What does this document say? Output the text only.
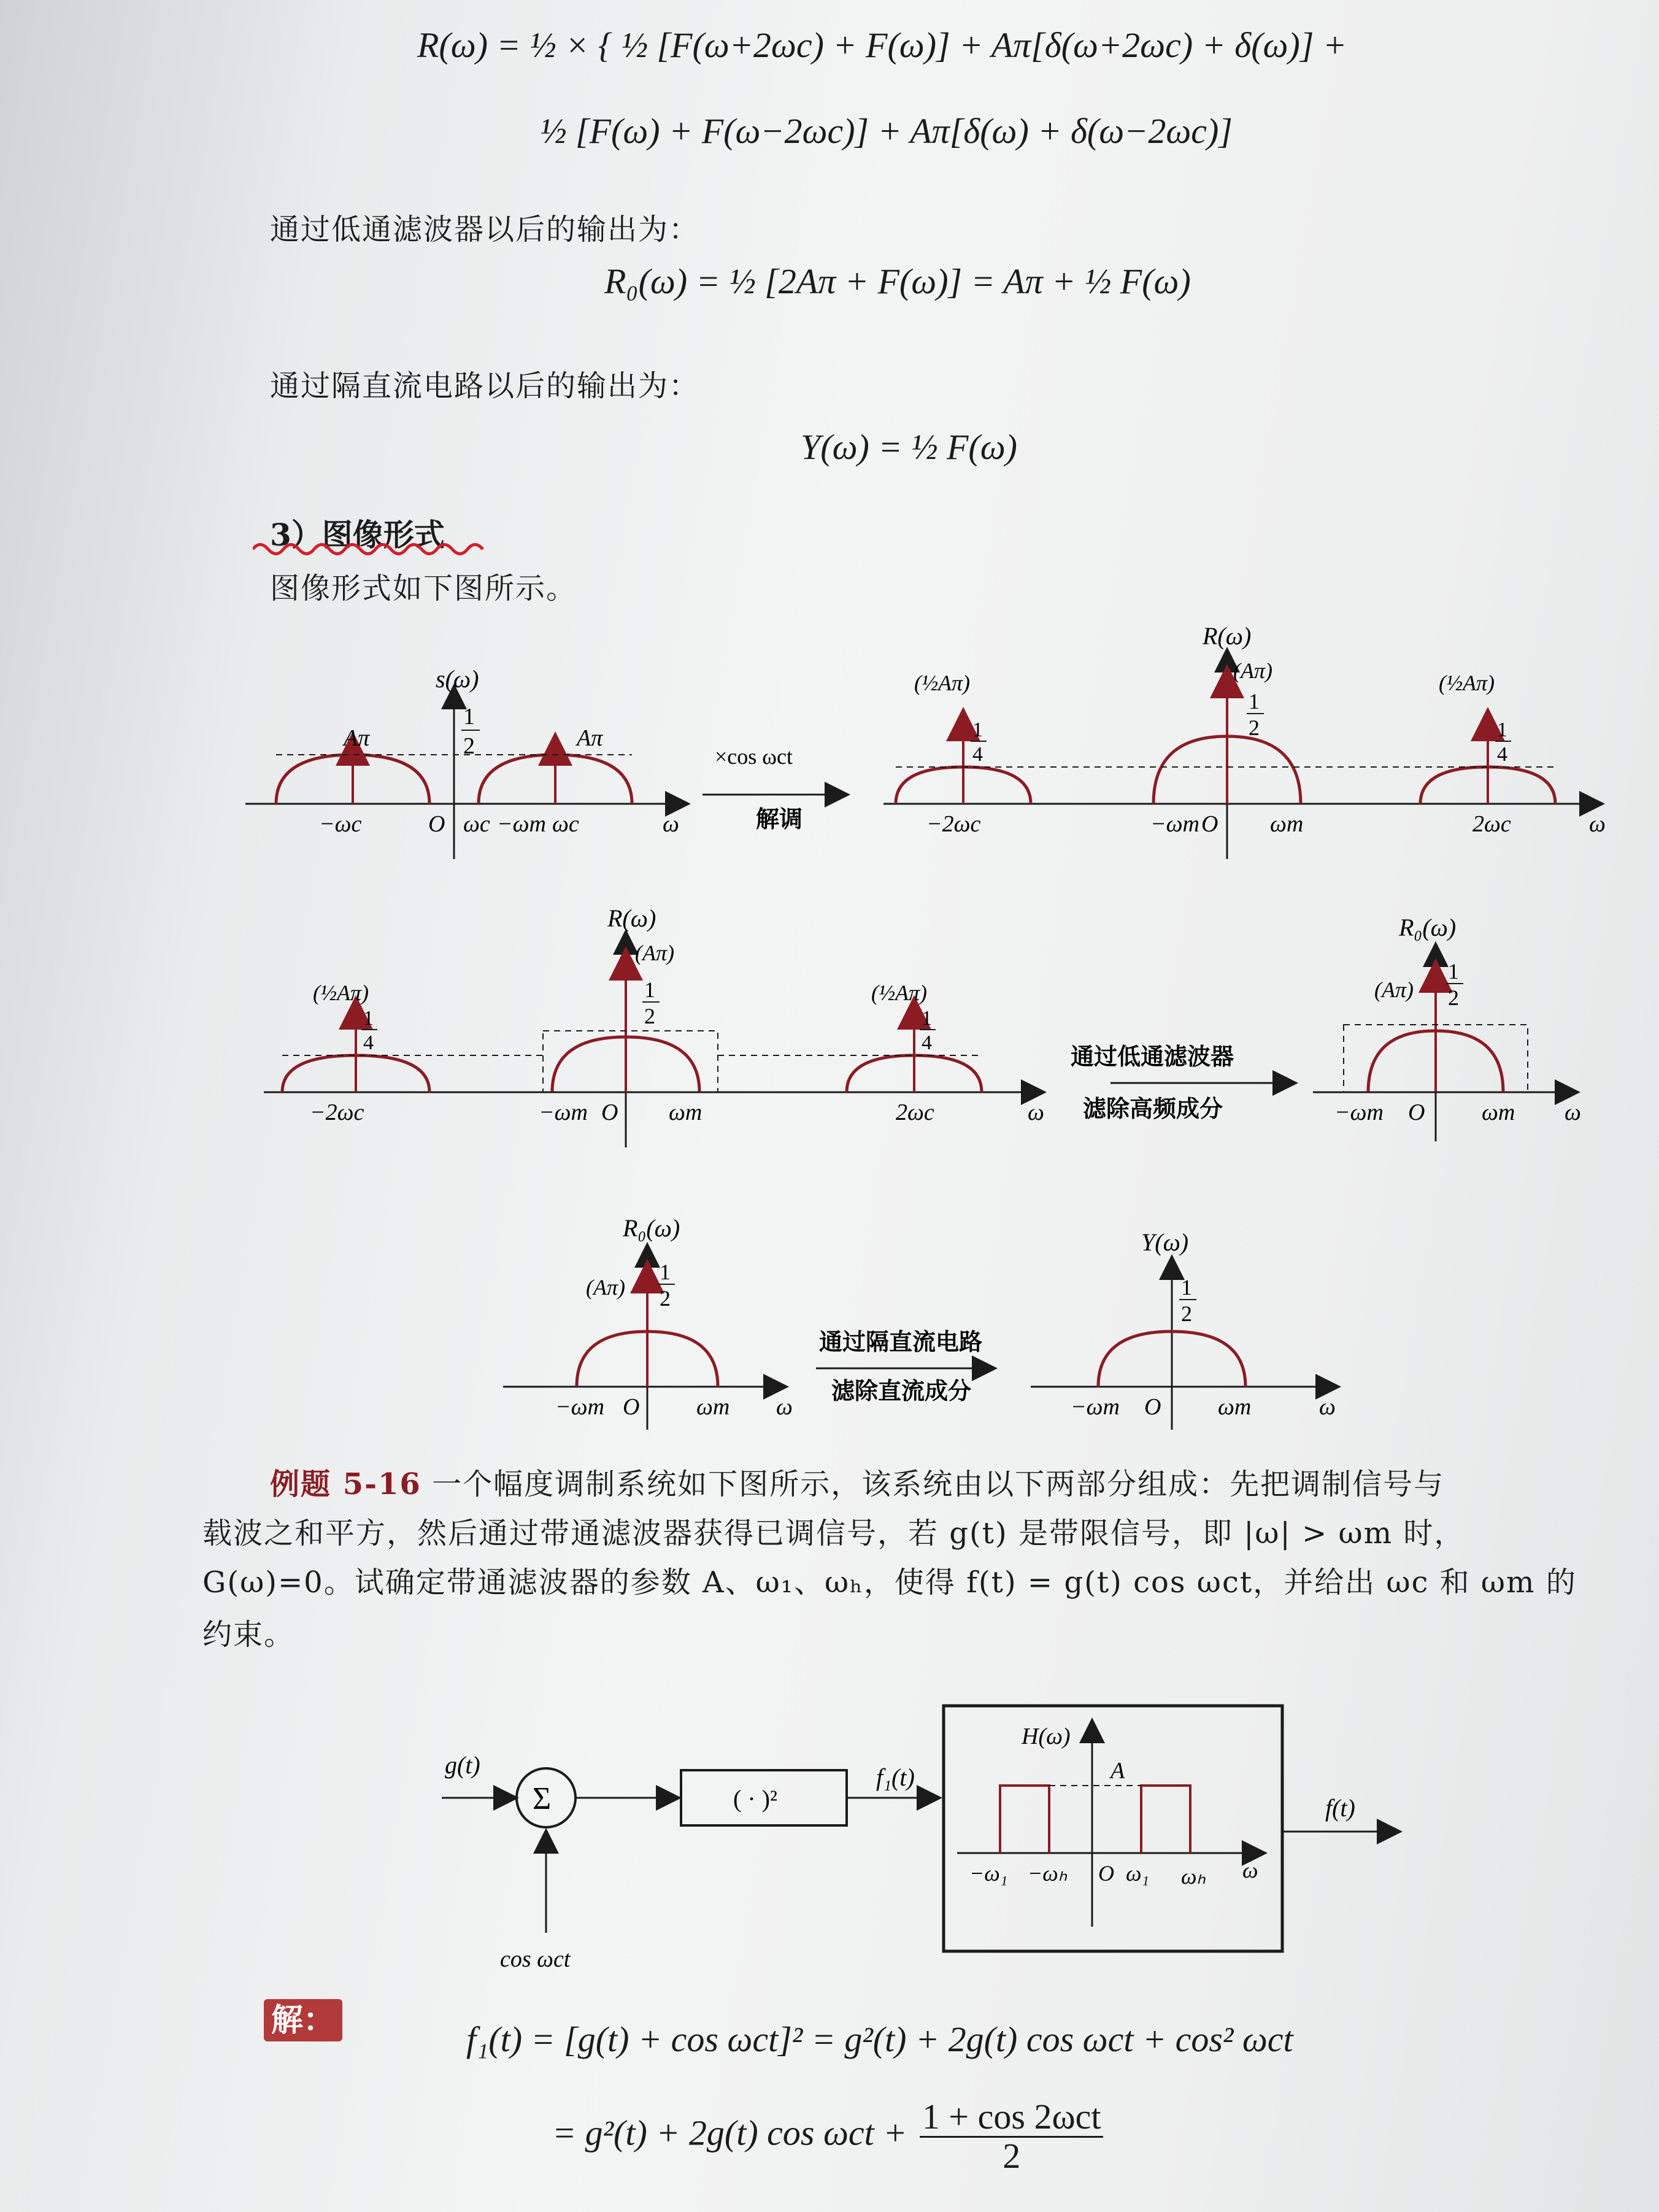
R(ω) = ½ × { ½ [F(ω+2ωc) + F(ω)] + Aπ[δ(ω+2ωc) + δ(ω)] +
½ [F(ω) + F(ω−2ωc)] + Aπ[δ(ω) + δ(ω−2ωc)]
通过低通滤波器以后的输出为：
R₀(ω) = ½ [2Aπ + F(ω)] = Aπ + ½ F(ω)
通过隔直流电路以后的输出为：
Y(ω) = ½ F(ω)
3）图像形式
图像形式如下图所示。
s(ω)
Aπ	Aπ
1
2
−ωc	O ωc −ωm ωc	ω
×cos ωct
解调
R(ω)
(½Aπ)	(½Aπ)
(Aπ)
1
2
1
4
1
4
−2ωc	−ωm O ωm	2ωc	ω
R(ω)
(½Aπ)	(½Aπ)
(Aπ)
1
2
1
4
1
4
−2ωc	−ωm O ωm	2ωc	ω
通过低通滤波器
滤除高频成分
R₀(ω)
(Aπ)
1
2
−ωm O ωm ω
R₀(ω)
(Aπ)
1
2
−ωm O ωm ω
通过隔直流电路
滤除直流成分
Y(ω)
1
2
−ωm O ωm	ω
例题 5-16 一个幅度调制系统如下图所示，该系统由以下两部分组成：先把调制信号与
载波之和平方，然后通过带通滤波器获得已调信号，若 g(t) 是带限信号，即 |ω| > ωm 时，
G(ω)=0。试确定带通滤波器的参数 A、ω₁、ωₕ，使得 f(t) = g(t) cos ωct，并给出 ωc 和 ωm 的
约束。
g(t)
Σ
cos ωct
( · )²
f₁(t)
H(ω)
A
−ω₁ −ωₕ O ω₁ ωₕ ω
f(t)
解：	f₁(t) = [g(t) + cos ωct]² = g²(t) + 2g(t) cos ωct + cos² ωct
= g²(t) + 2g(t) $\cos \omega ct + \frac{\text{1 + cos 2ωct}}{2}$
